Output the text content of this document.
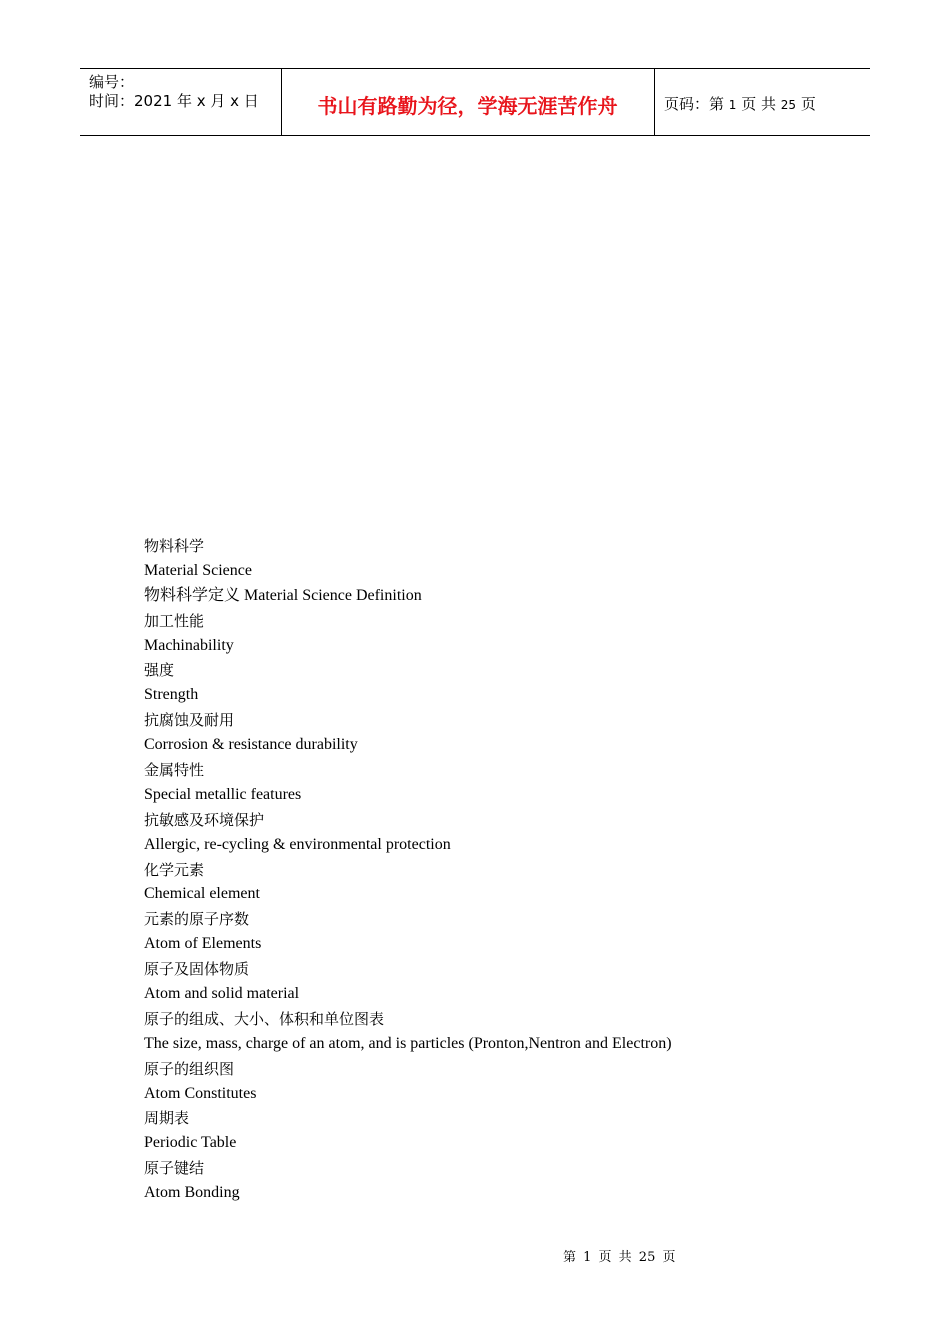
编号：
时间：2021 年 x 月 x 日	书山有路勤为径，学海无涯苦作舟	页码：第 1 页 共 25 页
物料科学
Material Science
物料科学定义 Material Science Definition
加工性能
Machinability
强度
Strength
抗腐蚀及耐用
Corrosion & resistance durability
金属特性
Special metallic features
抗敏感及环境保护
Allergic, re-cycling & environmental protection
化学元素
Chemical element
元素的原子序数
Atom of Elements
原子及固体物质
Atom and solid material
原子的组成、大小、体积和单位图表
The size, mass, charge of an atom, and is particles (Pronton,Nentron and Electron)
原子的组织图
Atom Constitutes
周期表
Periodic Table
原子键结
Atom Bonding
第 1 页 共 25 页
